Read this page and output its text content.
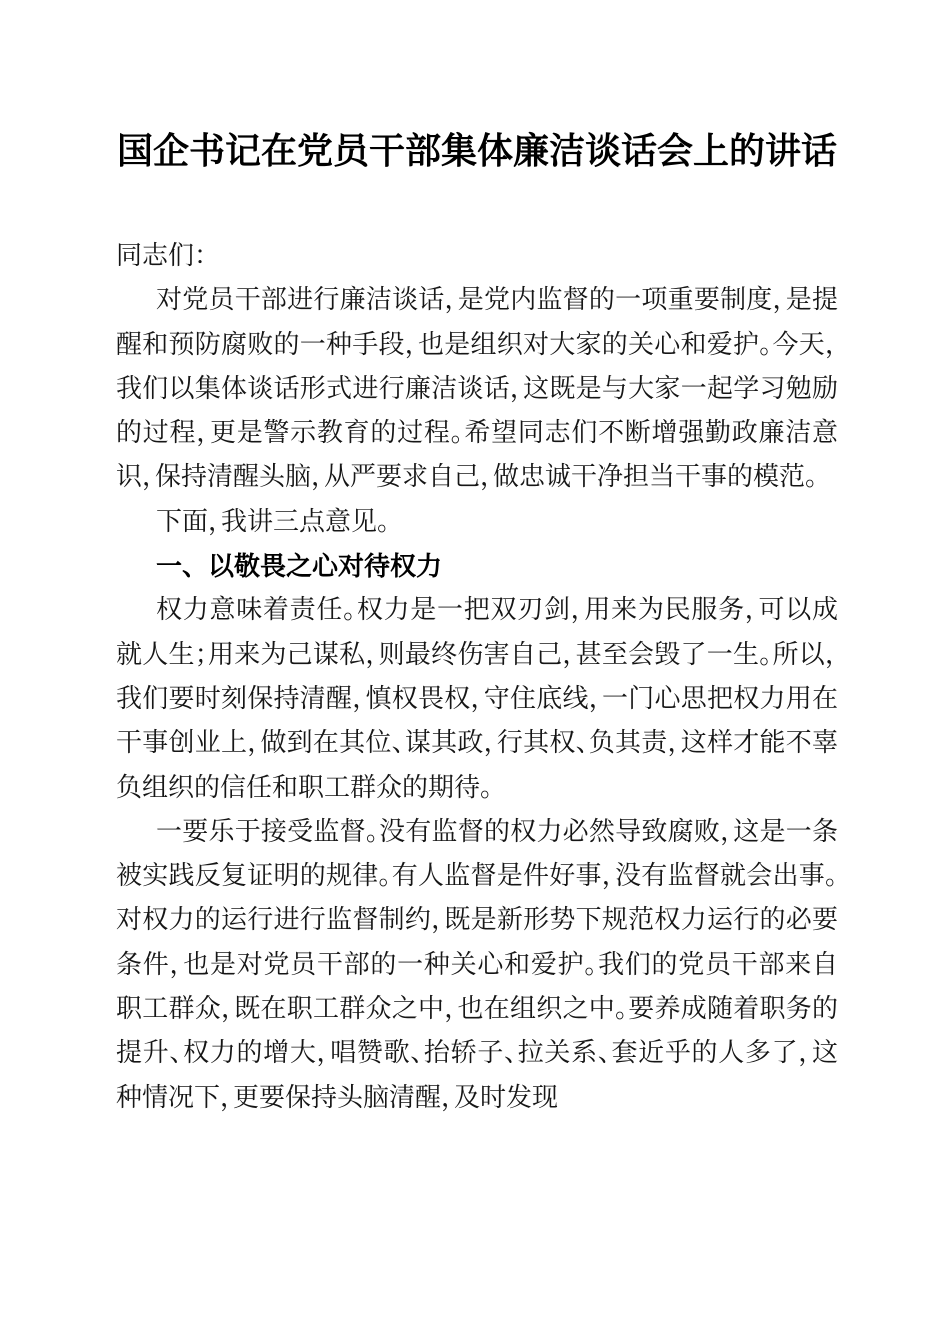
国企书记在党员干部集体廉洁谈话会上的讲话

同志们：

对党员干部进行廉洁谈话，是党内监督的一项重要制度，是提醒和预防腐败的一种手段，也是组织对大家的关心和爱护。今天，我们以集体谈话形式进行廉洁谈话，这既是与大家一起学习勉励的过程，更是警示教育的过程。希望同志们不断增强勤政廉洁意识，保持清醒头脑，从严要求自己，做忠诚干净担当干事的模范。

下面，我讲三点意见。

一、以敬畏之心对待权力

权力意味着责任。权力是一把双刃剑，用来为民服务，可以成就人生；用来为己谋私，则最终伤害自己，甚至会毁了一生。所以，我们要时刻保持清醒，慎权畏权，守住底线，一门心思把权力用在干事创业上，做到在其位、谋其政，行其权、负其责，这样才能不辜负组织的信任和职工群众的期待。

一要乐于接受监督。没有监督的权力必然导致腐败，这是一条被实践反复证明的规律。有人监督是件好事，没有监督就会出事。对权力的运行进行监督制约，既是新形势下规范权力运行的必要条件，也是对党员干部的一种关心和爱护。我们的党员干部来自职工群众，既在职工群众之中，也在组织之中。要养成随着职务的提升、权力的增大，唱赞歌、抬轿子、拉关系、套近乎的人多了，这种情况下，更要保持头脑清醒，及时发现
